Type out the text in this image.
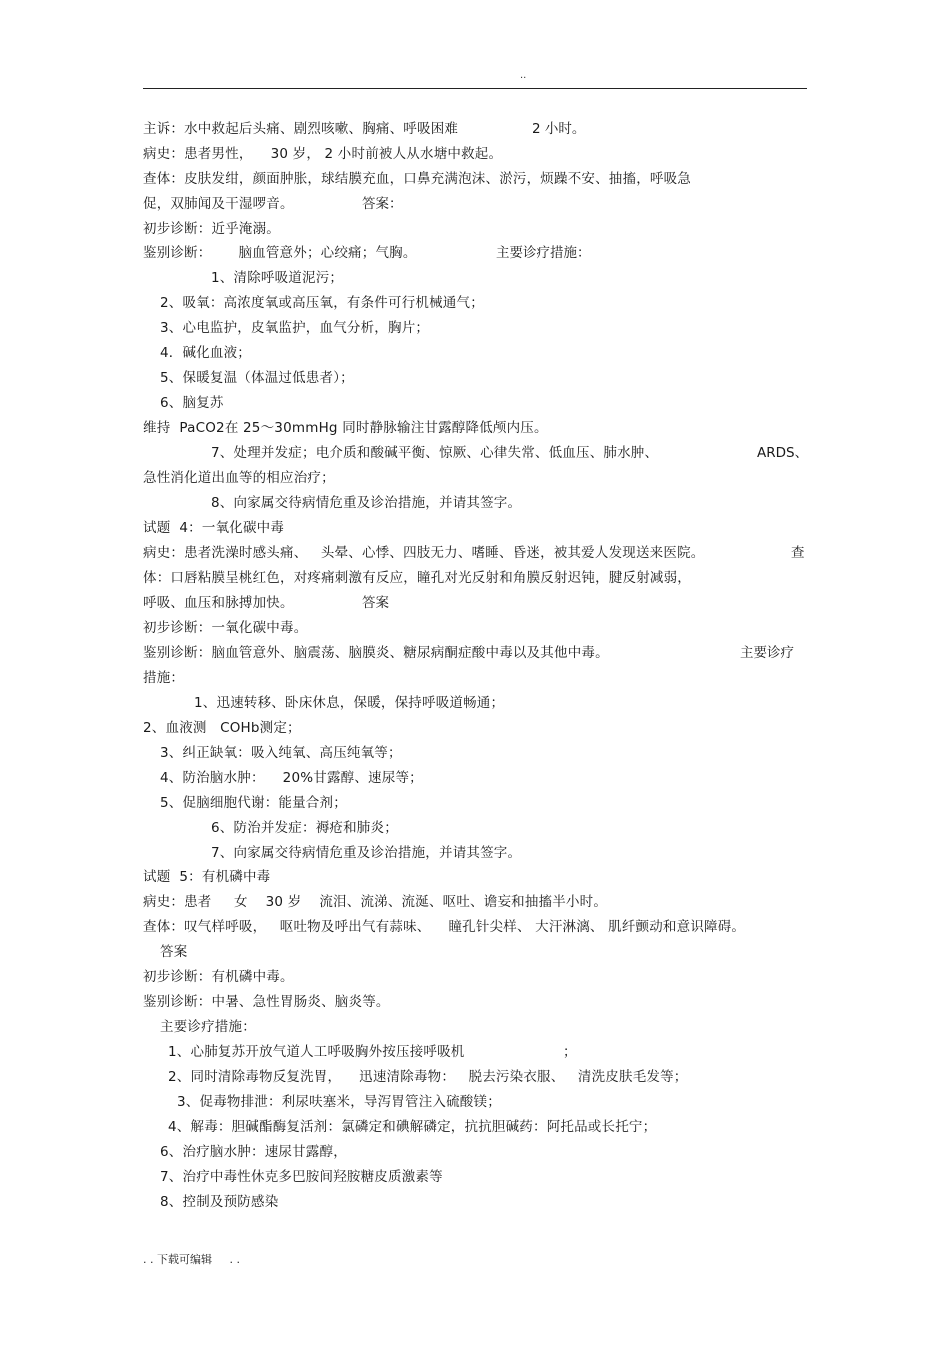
..
主诉：水中救起后头痛、剧烈咳嗽、胸痛、呼吸困难	2 小时。
病史：患者男性，    30 岁， 2 小时前被人从水塘中救起。
查体：皮肤发绀，颜面肿胀，球结膜充血，口鼻充满泡沫、淤污，烦躁不安、抽搐，呼吸急
促，双肺闻及干湿啰音。	答案：
初步诊断：近乎淹溺。
鉴别诊断：      脑血管意外；心绞痛；气胸。	主要诊疗措施：
1、清除呼吸道泥污；
2、吸氧：高浓度氧或高压氧，有条件可行机械通气；
3、心电监护，皮氧监护，血气分析，胸片；
4．碱化血液；
5、保暖复温（体温过低患者）；
6、脑复苏
维持  PaCO2在 25～30mmHg 同时静脉输注甘露醇降低颅内压。
7、处理并发症；电介质和酸碱平衡、惊厥、心律失常、低血压、肺水肿、	ARDS、
急性消化道出血等的相应治疗；
8、向家属交待病情危重及诊治措施，并请其签字。
试题  4：一氧化碳中毒
病史：患者洗澡时感头痛、   头晕、心悸、四肢无力、嗜睡、昏迷，被其爱人发现送来医院。	查
体：口唇粘膜呈桃红色，对疼痛刺激有反应，瞳孔对光反射和角膜反射迟钝，腱反射减弱，
呼吸、血压和脉搏加快。	答案
初步诊断：一氧化碳中毒。
鉴别诊断：脑血管意外、脑震荡、脑膜炎、糖尿病酮症酸中毒以及其他中毒。	主要诊疗
措施：
1、迅速转移、卧床休息，保暖，保持呼吸道畅通；
2、血液测   COHb测定；
3、纠正缺氧：吸入纯氧、高压纯氧等；
4、防治脑水肿：    20%甘露醇、速尿等；
5、促脑细胞代谢：能量合剂；
6、防治并发症：褥疮和肺炎；
7、向家属交待病情危重及诊治措施，并请其签字。
试题  5：有机磷中毒
病史：患者     女    30 岁    流泪、流涕、流涎、呕吐、谵妄和抽搐半小时。
查体：叹气样呼吸，   呕吐物及呼出气有蒜味、    瞳孔针尖样、 大汗淋漓、 肌纤颤动和意识障碍。
答案
初步诊断：有机磷中毒。
鉴别诊断：中暑、急性胃肠炎、脑炎等。
主要诊疗措施：
1、心肺复苏开放气道人工呼吸胸外按压接呼吸机	；
2、同时清除毒物反复洗胃，    迅速清除毒物：   脱去污染衣服、   清洗皮肤毛发等；
3、促毒物排泄：利尿呋塞米，导泻胃管注入硫酸镁；
4、解毒：胆碱酯酶复活剂：氯磷定和碘解磷定，抗抗胆碱药：阿托品或长托宁；
6、治疗脑水肿：速尿甘露醇，
7、治疗中毒性休克多巴胺间羟胺糖皮质激素等
8、控制及预防感染
. . 下载可编辑     . .
